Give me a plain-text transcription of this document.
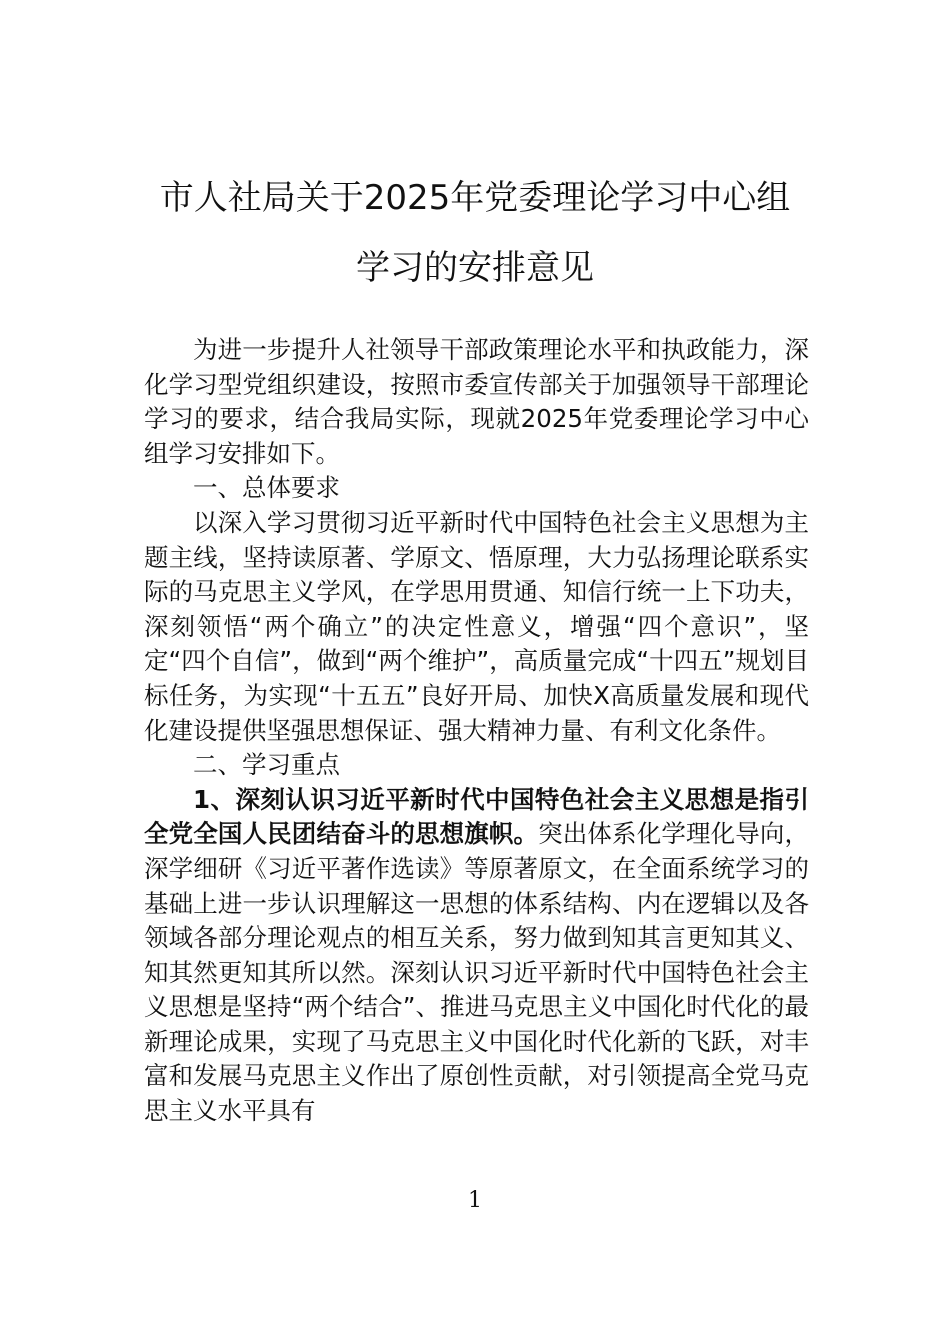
市人社局关于2025年党委理论学习中心组
学习的安排意见

为进一步提升人社领导干部政策理论水平和执政能力，深化学习型党组织建设，按照市委宣传部关于加强领导干部理论学习的要求，结合我局实际，现就2025年党委理论学习中心组学习安排如下。

一、总体要求

以深入学习贯彻习近平新时代中国特色社会主义思想为主题主线，坚持读原著、学原文、悟原理，大力弘扬理论联系实际的马克思主义学风，在学思用贯通、知信行统一上下功夫，深刻领悟“两个确立”的决定性意义，增强“四个意识”，坚定“四个自信”，做到“两个维护”，高质量完成“十四五”规划目标任务，为实现“十五五”良好开局、加快X高质量发展和现代化建设提供坚强思想保证、强大精神力量、有利文化条件。

二、学习重点

1、深刻认识习近平新时代中国特色社会主义思想是指引全党全国人民团结奋斗的思想旗帜。突出体系化学理化导向，深学细研《习近平著作选读》等原著原文，在全面系统学习的基础上进一步认识理解这一思想的体系结构、内在逻辑以及各领域各部分理论观点的相互关系，努力做到知其言更知其义、知其然更知其所以然。深刻认识习近平新时代中国特色社会主义思想是坚持“两个结合”、推进马克思主义中国化时代化的最新理论成果，实现了马克思主义中国化时代化新的飞跃，对丰富和发展马克思主义作出了原创性贡献，对引领提高全党马克思主义水平具有

1
